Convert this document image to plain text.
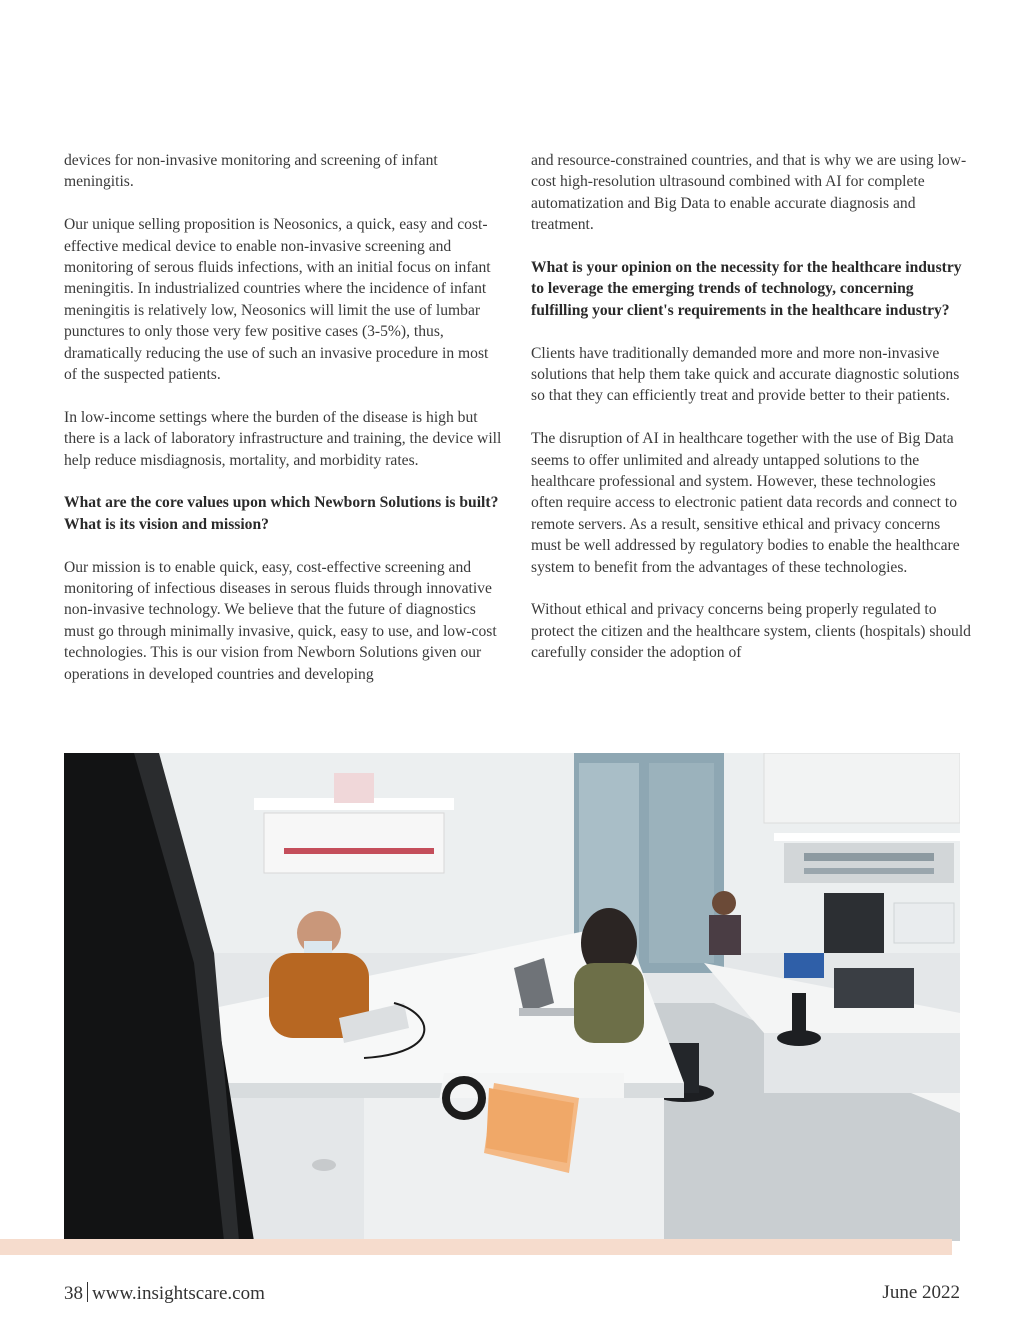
devices for non-invasive monitoring and screening of infant meningitis.

Our unique selling proposition is Neosonics, a quick, easy and cost-effective medical device to enable non-invasive screening and monitoring of serous fluids infections, with an initial focus on infant meningitis. In industrialized countries where the incidence of infant meningitis is relatively low, Neosonics will limit the use of lumbar punctures to only those very few positive cases (3-5%), thus, dramatically reducing the use of such an invasive procedure in most of the suspected patients.

In low-income settings where the burden of the disease is high but there is a lack of laboratory infrastructure and training, the device will help reduce misdiagnosis, mortality, and morbidity rates.

What are the core values upon which Newborn Solutions is built? What is its vision and mission?

Our mission is to enable quick, easy, cost-effective screening and monitoring of infectious diseases in serous fluids through innovative non-invasive technology. We believe that the future of diagnostics must go through minimally invasive, quick, easy to use, and low-cost technologies. This is our vision from Newborn Solutions given our operations in developed countries and developing

and resource-constrained countries, and that is why we are using low-cost high-resolution ultrasound combined with AI for complete automatization and Big Data to enable accurate diagnosis and treatment.

What is your opinion on the necessity for the healthcare industry to leverage the emerging trends of technology, concerning fulfilling your client's requirements in the healthcare industry?

Clients have traditionally demanded more and more non-invasive solutions that help them take quick and accurate diagnostic solutions so that they can efficiently treat and provide better to their patients.

The disruption of AI in healthcare together with the use of Big Data seems to offer unlimited and already untapped solutions to the healthcare professional and system. However, these technologies often require access to electronic patient data records and connect to remote servers. As a result, sensitive ethical and privacy concerns must be well addressed by regulatory bodies to enable the healthcare system to benefit from the advantages of these technologies.

Without ethical and privacy concerns being properly regulated to protect the citizen and the healthcare system, clients (hospitals) should carefully consider the adoption of

38 www.insightscare.com	June 2022
